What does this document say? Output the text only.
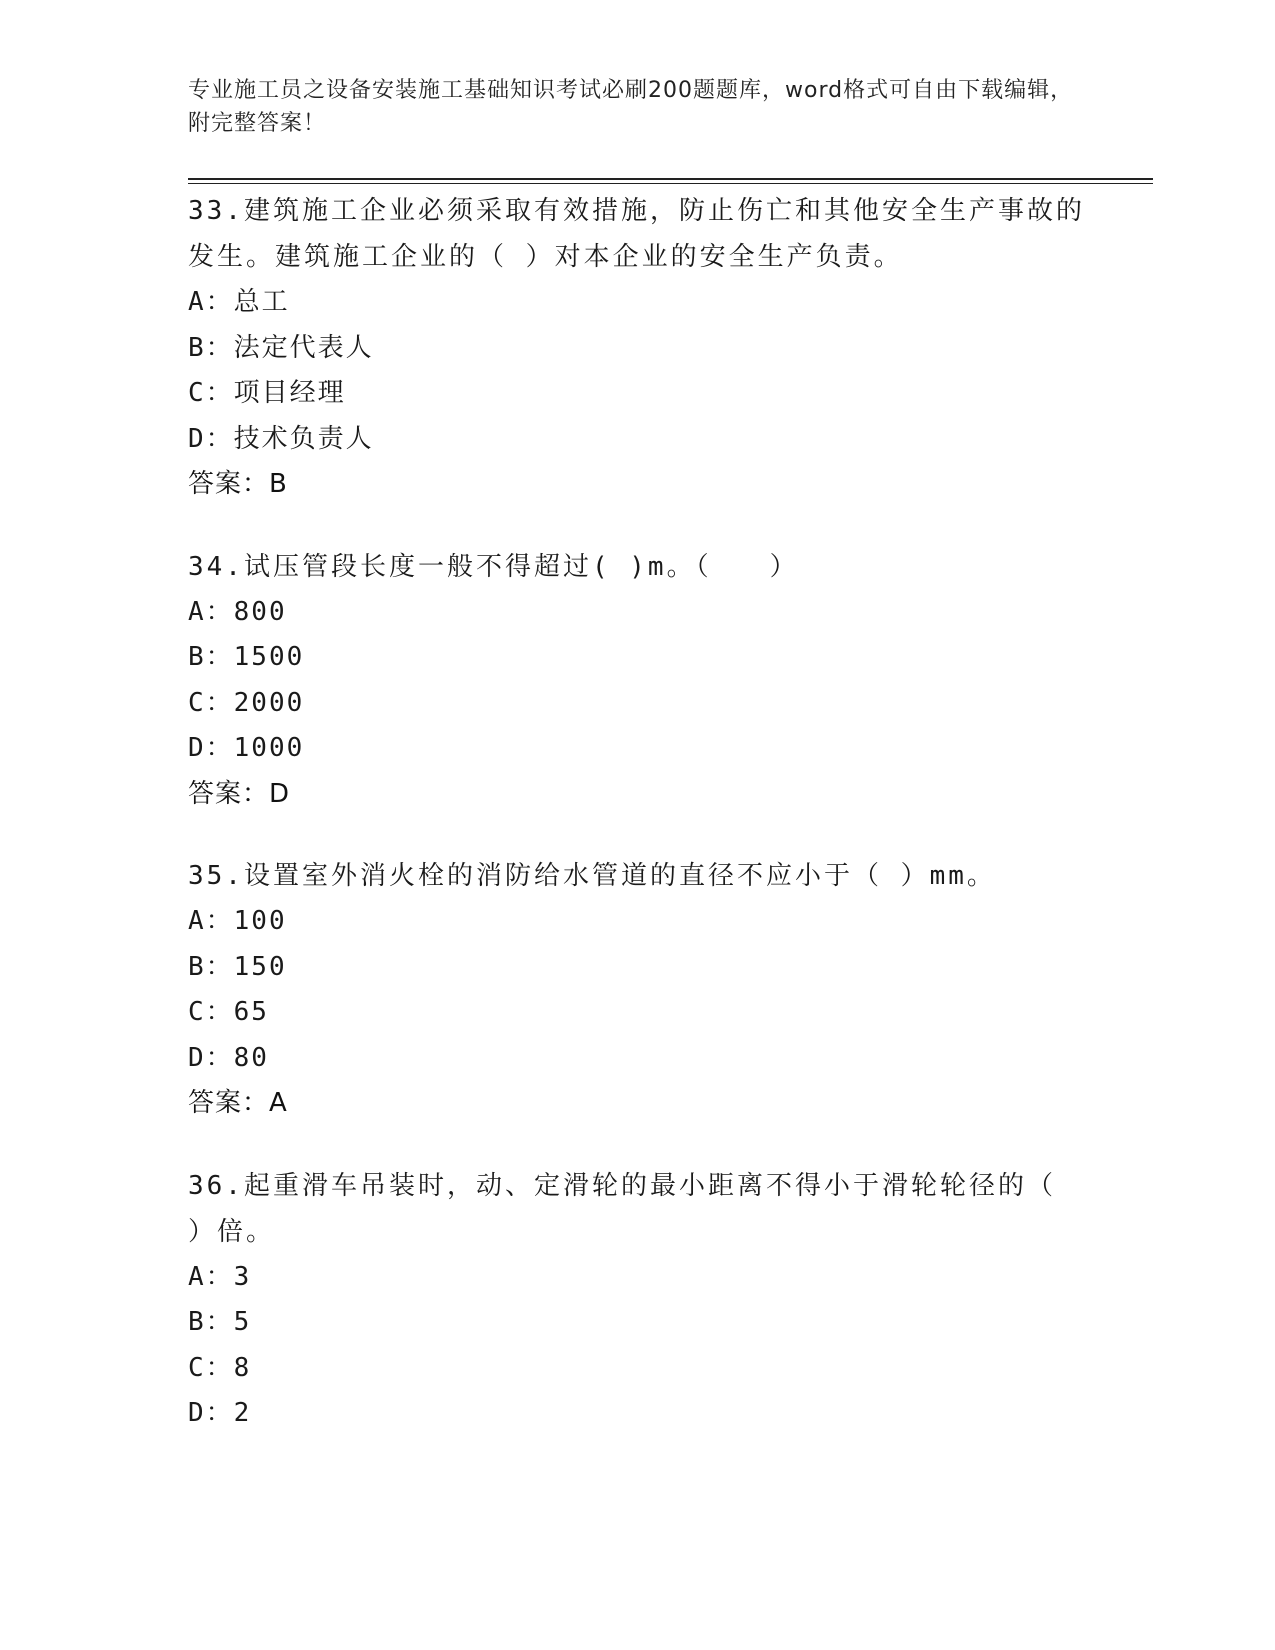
专业施工员之设备安装施工基础知识考试必刷200题题库，word格式可自由下载编辑，附完整答案！

33.建筑施工企业必须采取有效措施，防止伤亡和其他安全生产事故的发生。建筑施工企业的（ ）对本企业的安全生产负责。

A：总工

B：法定代表人

C：项目经理

D：技术负责人

答案：B

34.试压管段长度一般不得超过( )m。（　　）

A：800

B：1500

C：2000

D：1000

答案：D

35.设置室外消火栓的消防给水管道的直径不应小于（ ）mm。

A：100

B：150

C：65

D：80

答案：A

36.起重滑车吊装时，动、定滑轮的最小距离不得小于滑轮轮径的（ ）倍。

A：3

B：5

C：8

D：2
